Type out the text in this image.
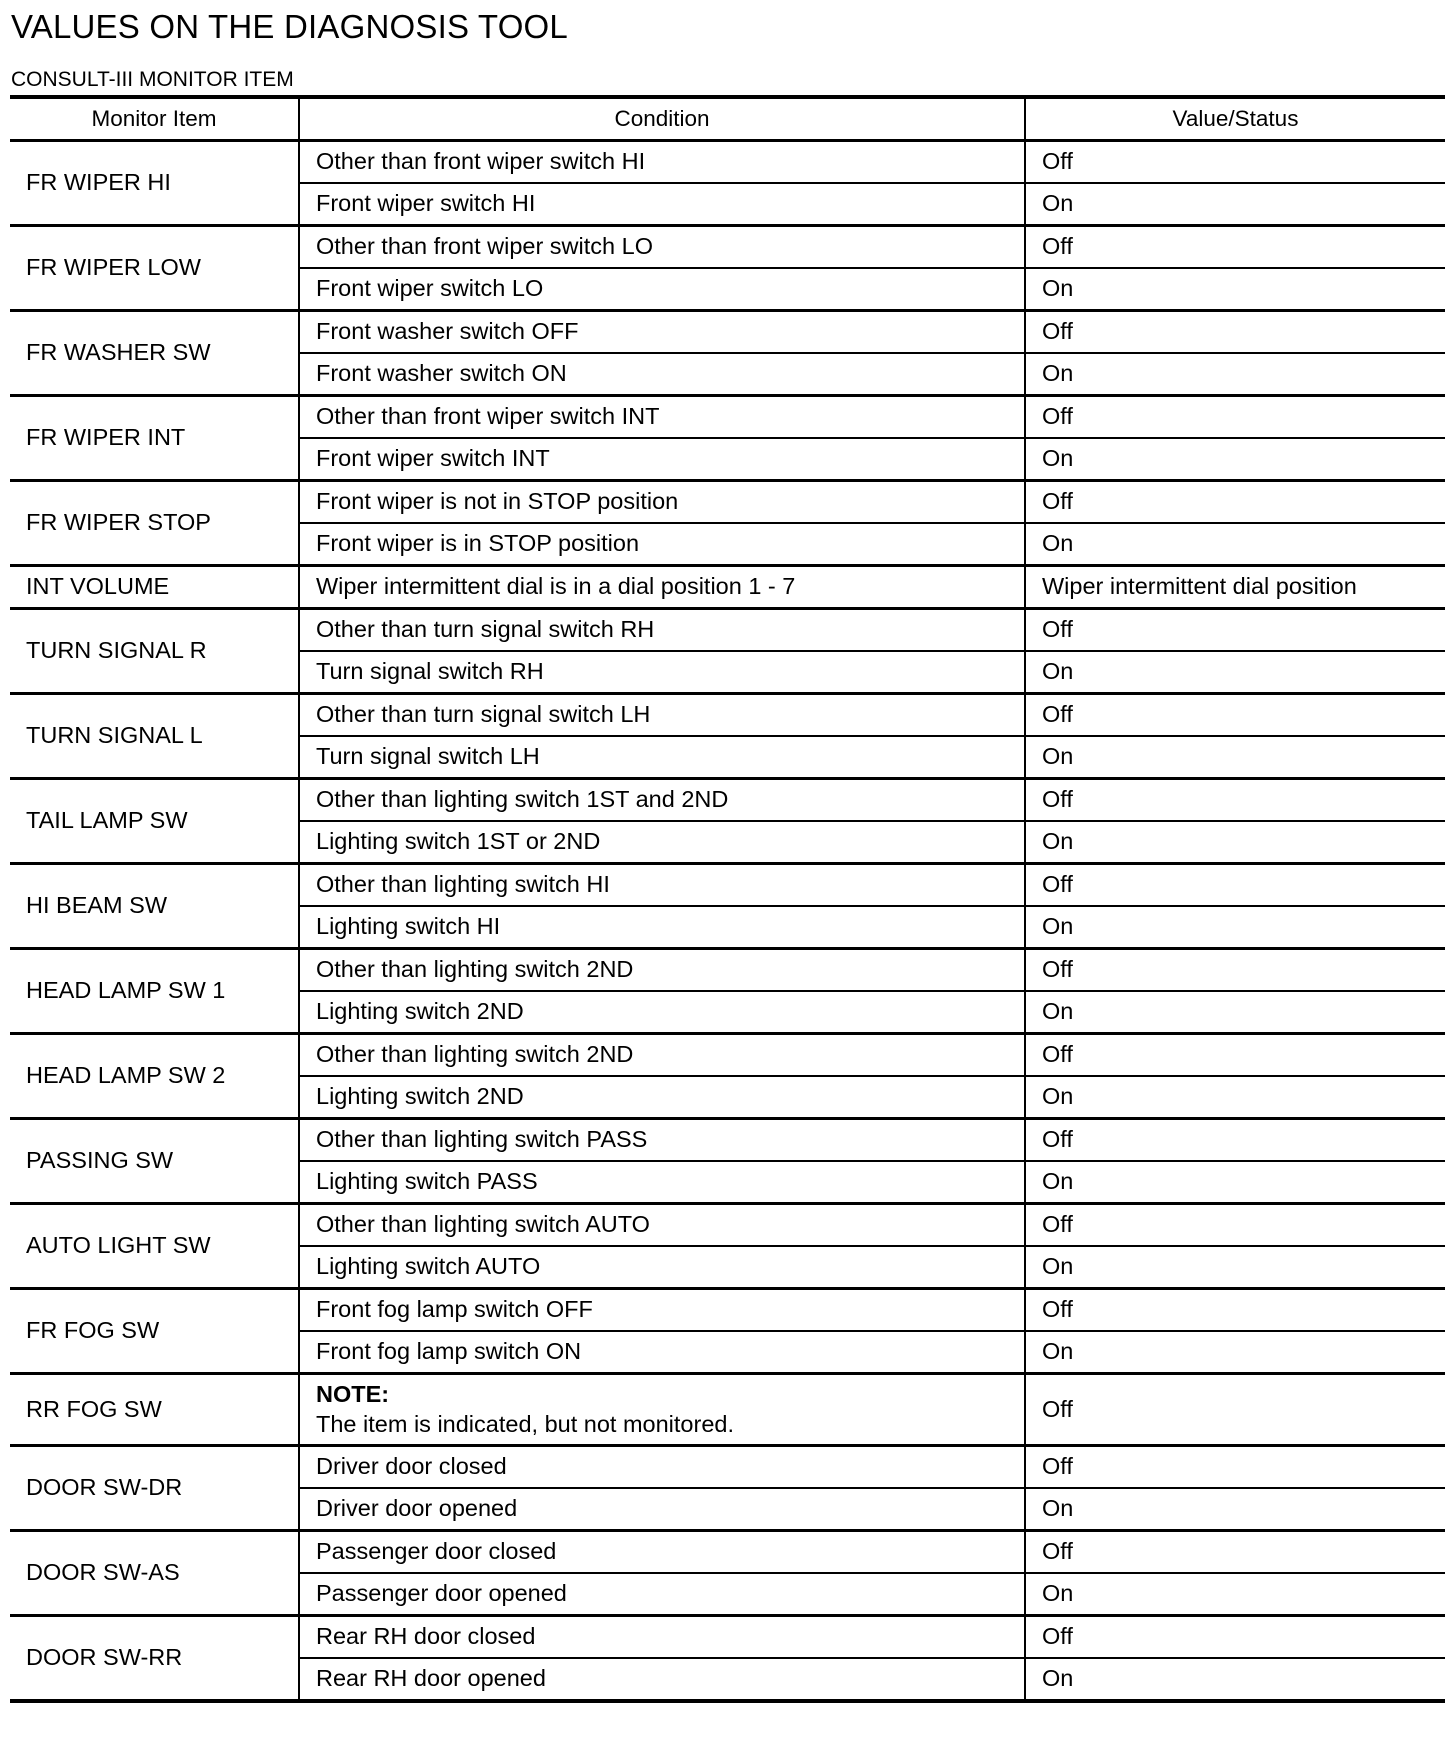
VALUES ON THE DIAGNOSIS TOOL

CONSULT-III MONITOR ITEM

Monitor Item	Condition	Value/Status
FR WIPER HI	Other than front wiper switch HI	Off
	Front wiper switch HI	On
FR WIPER LOW	Other than front wiper switch LO	Off
	Front wiper switch LO	On
FR WASHER SW	Front washer switch OFF	Off
	Front washer switch ON	On
FR WIPER INT	Other than front wiper switch INT	Off
	Front wiper switch INT	On
FR WIPER STOP	Front wiper is not in STOP position	Off
	Front wiper is in STOP position	On
INT VOLUME	Wiper intermittent dial is in a dial position 1 - 7	Wiper intermittent dial position
TURN SIGNAL R	Other than turn signal switch RH	Off
	Turn signal switch RH	On
TURN SIGNAL L	Other than turn signal switch LH	Off
	Turn signal switch LH	On
TAIL LAMP SW	Other than lighting switch 1ST and 2ND	Off
	Lighting switch 1ST or 2ND	On
HI BEAM SW	Other than lighting switch HI	Off
	Lighting switch HI	On
HEAD LAMP SW 1	Other than lighting switch 2ND	Off
	Lighting switch 2ND	On
HEAD LAMP SW 2	Other than lighting switch 2ND	Off
	Lighting switch 2ND	On
PASSING SW	Other than lighting switch PASS	Off
	Lighting switch PASS	On
AUTO LIGHT SW	Other than lighting switch AUTO	Off
	Lighting switch AUTO	On
FR FOG SW	Front fog lamp switch OFF	Off
	Front fog lamp switch ON	On
RR FOG SW	NOTE:
The item is indicated, but not monitored.	Off
DOOR SW-DR	Driver door closed	Off
	Driver door opened	On
DOOR SW-AS	Passenger door closed	Off
	Passenger door opened	On
DOOR SW-RR	Rear RH door closed	Off
	Rear RH door opened	On
